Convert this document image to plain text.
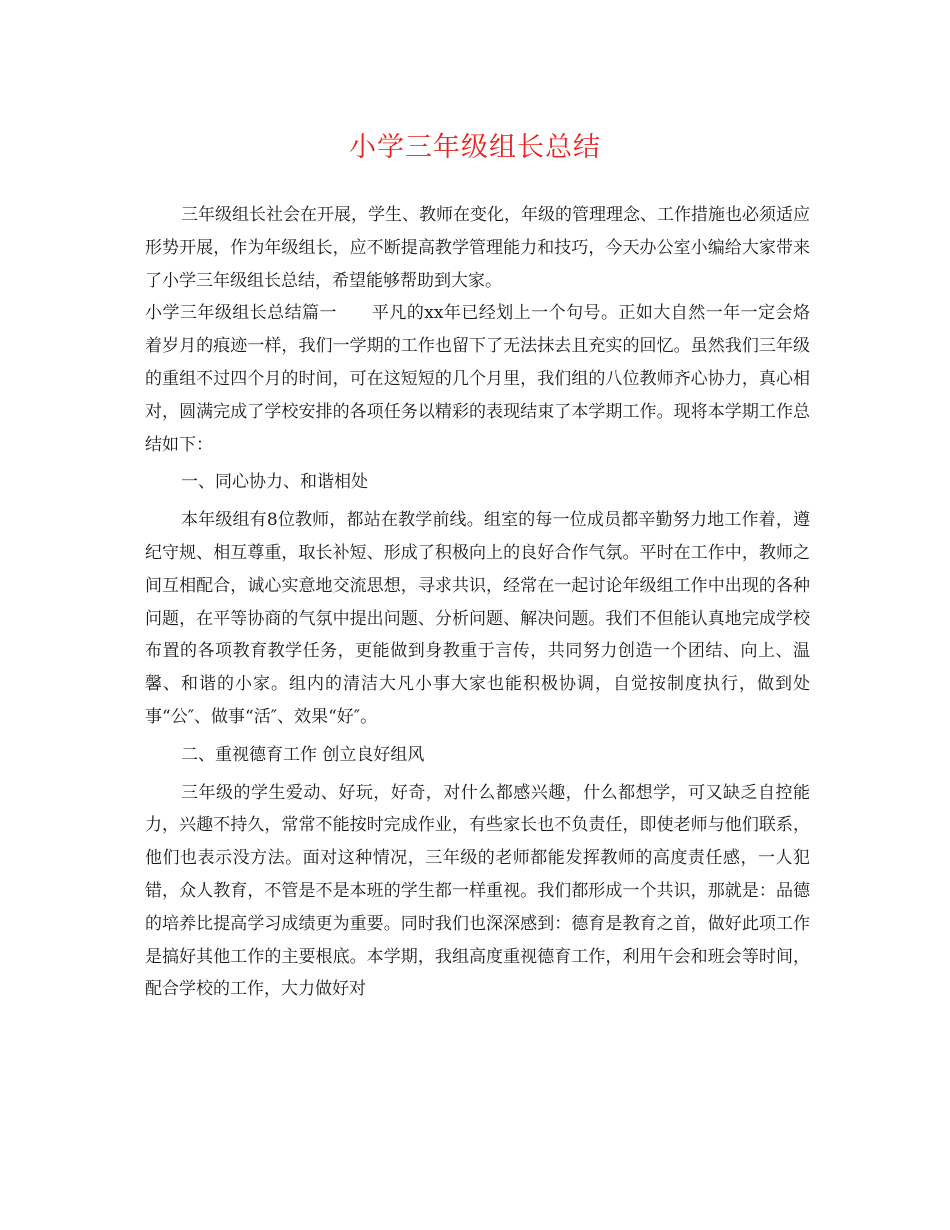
小学三年级组长总结

三年级组长社会在开展，学生、教师在变化，年级的管理理念、工作措施也必须适应形势开展，作为年级组长，应不断提高教学管理能力和技巧，今天办公室小编给大家带来了小学三年级组长总结，希望能够帮助到大家。

小学三年级组长总结篇一　　平凡的xx年已经划上一个句号。正如大自然一年一定会烙着岁月的痕迹一样，我们一学期的工作也留下了无法抹去且充实的回忆。虽然我们三年级的重组不过四个月的时间，可在这短短的几个月里，我们组的八位教师齐心协力，真心相对，圆满完成了学校安排的各项任务以精彩的表现结束了本学期工作。现将本学期工作总结如下：

一、同心协力、和谐相处

本年级组有8位教师，都站在教学前线。组室的每一位成员都辛勤努力地工作着，遵纪守规、相互尊重，取长补短、形成了积极向上的良好合作气氛。平时在工作中，教师之间互相配合，诚心实意地交流思想，寻求共识，经常在一起讨论年级组工作中出现的各种问题，在平等协商的气氛中提出问题、分析问题、解决问题。我们不但能认真地完成学校布置的各项教育教学任务，更能做到身教重于言传，共同努力创造一个团结、向上、温馨、和谐的小家。组内的清洁大凡小事大家也能积极协调，自觉按制度执行，做到处事“公″、做事“活″、效果“好″。

二、重视德育工作 创立良好组风

三年级的学生爱动、好玩，好奇，对什么都感兴趣，什么都想学，可又缺乏自控能力，兴趣不持久，常常不能按时完成作业，有些家长也不负责任，即使老师与他们联系，他们也表示没方法。面对这种情况，三年级的老师都能发挥教师的高度责任感，一人犯错，众人教育，不管是不是本班的学生都一样重视。我们都形成一个共识，那就是：品德的培养比提高学习成绩更为重要。同时我们也深深感到：德育是教育之首，做好此项工作是搞好其他工作的主要根底。本学期，我组高度重视德育工作，利用午会和班会等时间，配合学校的工作，大力做好对
